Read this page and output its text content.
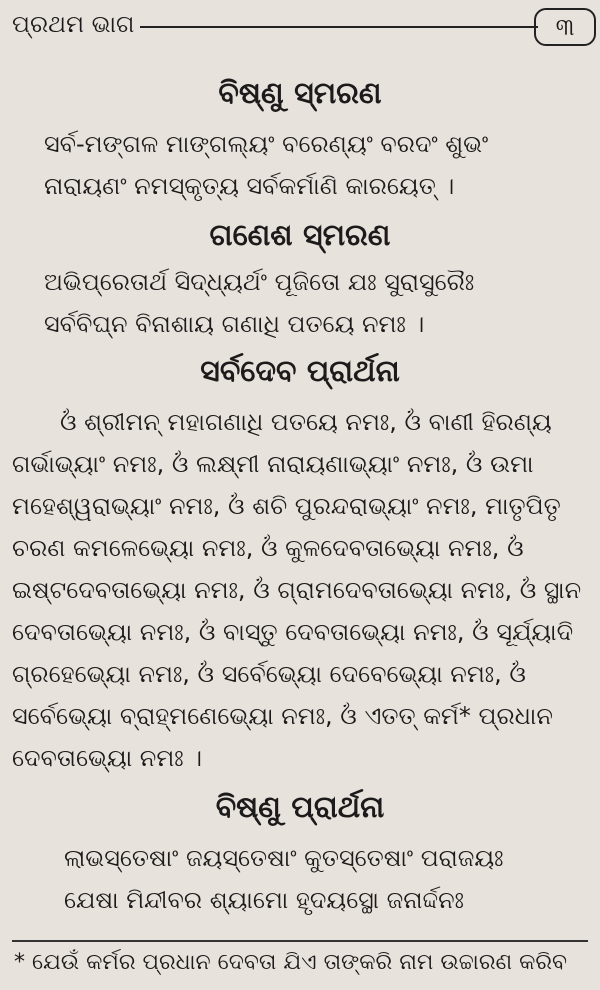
ପ୍ରଥମ ଭାଗ	୩
ବିଷ୍ଣୁ ସ୍ମରଣ
ସର୍ବ-ମଙ୍ଗଳ ମାଙ୍ଗଲ୍ୟଂ ବରେଣ୍ୟଂ ବରଦଂ ଶୁଭଂ
ନାରାୟଣଂ ନମସ୍କୃତ୍ୟ ସର୍ବକର୍ମାଣି କାରୟେତ୍ ।
ଗଣେଶ ସ୍ମରଣ
ଅଭିପ୍ରେତାର୍ଥ ସିଦ୍ଧ୍ୟର୍ଥଂ ପୂଜିତୋ ଯଃ ସୁରାସୁରୈଃ
ସର୍ବବିଘ୍ନ ବିନାଶାୟ ଗଣାଧି ପତୟେ ନମଃ ।
ସର୍ବଦେବ ପ୍ରାର୍ଥନା
ଓଁ ଶ୍ରୀମନ୍ ମହାଗଣାଧି ପତୟେ ନମଃ, ଓଁ ବାଣୀ ହିରଣ୍ୟ
ଗର୍ଭାଭ୍ୟାଂ ନମଃ, ଓଁ ଲକ୍ଷ୍ମୀ ନାରାୟଣାଭ୍ୟାଂ ନମଃ, ଓଁ ଉମା
ମହେଶ୍ୱରାଭ୍ୟାଂ ନମଃ, ଓଁ ଶଚି ପୁରନ୍ଦରାଭ୍ୟାଂ ନମଃ, ମାତୃପିତୃ
ଚରଣ କମଳେଭ୍ୟୋ ନମଃ, ଓଁ କୁଳଦେବତାଭ୍ୟୋ ନମଃ, ଓଁ
ଇଷ୍ଟଦେବତାଭ୍ୟୋ ନମଃ, ଓଁ ଗ୍ରାମଦେବତାଭ୍ୟୋ ନମଃ, ଓଁ ସ୍ଥାନ
ଦେବତାଭ୍ୟୋ ନମଃ, ଓଁ ବାସ୍ତୁ ଦେବତାଭ୍ୟୋ ନମଃ, ଓଁ ସୂର୍ଯ୍ୟାଦି
ଗ୍ରହେଭ୍ୟୋ ନମଃ, ଓଁ ସର୍ବେଭ୍ୟୋ ଦେବେଭ୍ୟୋ ନମଃ, ଓଁ
ସର୍ବେଭ୍ୟୋ ବ୍ରାହ୍ମଣେଭ୍ୟୋ ନମଃ, ଓଁ ଏତତ୍ କର୍ମ* ପ୍ରଧାନ
ଦେବତାଭ୍ୟୋ ନମଃ ।
ବିଷ୍ଣୁ ପ୍ରାର୍ଥନା
ଲାଭସ୍ତେଷାଂ ଜୟସ୍ତେଷାଂ କୁତସ୍ତେଷାଂ ପରାଜୟଃ
ଯେଷା ମିନ୍ଦୀବର ଶ୍ୟାମୋ ହୃଦୟସ୍ଥୋ ଜନାର୍ଦ୍ଦନଃ
* ଯେଉଁ କର୍ମର ପ୍ରଧାନ ଦେବତା ଯିଏ ତାଙ୍କରି ନାମ ଉଚ୍ଚାରଣ କରିବ
